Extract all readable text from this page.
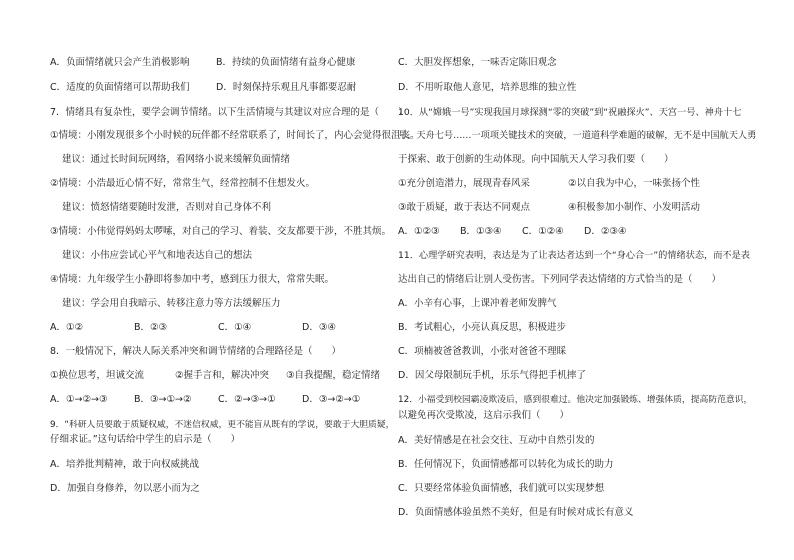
A．负面情绪就只会产生消极影响	B．持续的负面情绪有益身心健康
C．适度的负面情绪可以帮助我们	D．时刻保持乐观且凡事都要忍耐
7．情绪具有复杂性，要学会调节情绪。以下生活情境与其建议对应合理的是（　　）
①情境：小刚发现很多个小时候的玩伴都不经常联系了，时间长了，内心会觉得很沮丧。
建议：通过长时间玩网络，看网络小说来缓解负面情绪
②情境：小浩最近心情不好，常常生气，经常控制不住想发火。
建议：愤怒情绪要随时发泄，否则对自己身体不利
③情境：小伟觉得妈妈太啰嗦，对自己的学习、着装、交友都要干涉，不胜其烦。
建议：小伟应尝试心平气和地表达自己的想法
④情境：九年级学生小静即将参加中考，感到压力很大，常常失眠。
建议：学会用自我暗示、转移注意力等方法缓解压力
A．①②	B．②③	C．①④	D．③④
8．一般情况下，解决人际关系冲突和调节情绪的合理路径是（　　）
①换位思考，坦诚交流	②握手言和，解决冲突 ③自我提醒，稳定情绪
A．①→②→③	B．③→①→②	C．②→③→①	D．③→②→①
9．“科研人员要敢于质疑权威，不迷信权威，更不能盲从既有的学说，要敢于大胆质疑，
仔细求证。”这句话给中学生的启示是（　　）
A．培养批判精神，敢于向权威挑战
D．加强自身修养，勿以恶小而为之
C．大胆发挥想象，一味否定陈旧观念
D．不用听取他人意见，培养思维的独立性
10．从“嫦娥一号”实现我国月球探测“零的突破”到“祝融探火”、天宫一号、神舟十七
号、天舟七号……一项项关键技术的突破，一道道科学难题的破解，无不是中国航天人勇
于探索、敢于创新的生动体现。向中国航天人学习我们要（　　）
①充分创造潜力，展现青春风采	②以自我为中心，一味张扬个性
③敢于质疑，敢于表达不同观点	④积极参加小制作、小发明活动
A．①②③ B．①③④ C．①②④ D．②③④
11．心理学研究表明，表达是为了让表达者达到一个“身心合一”的情绪状态，而不是表
达出自己的情绪后让别人受伤害。下列同学表达情绪的方式恰当的是（　　）
A．小辛有心事，上课冲着老师发脾气
B．考试粗心，小亮认真反思，积极进步
C．项楠被爸爸教训，小张对爸爸不理睬
D．因父母限制玩手机，乐乐气得把手机摔了
12．小福受到校园霸凌欺凌后，感到很难过。他决定加强锻炼、增强体质，提高防范意识，
以避免再次受欺凌，这启示我们（　　）
A．美好情感是在社会交往、互动中自然引发的
B．任何情况下，负面情感都可以转化为成长的助力
C．只要经常体验负面情感，我们就可以实现梦想
D．负面情感体验虽然不美好，但是有时候对成长有意义
